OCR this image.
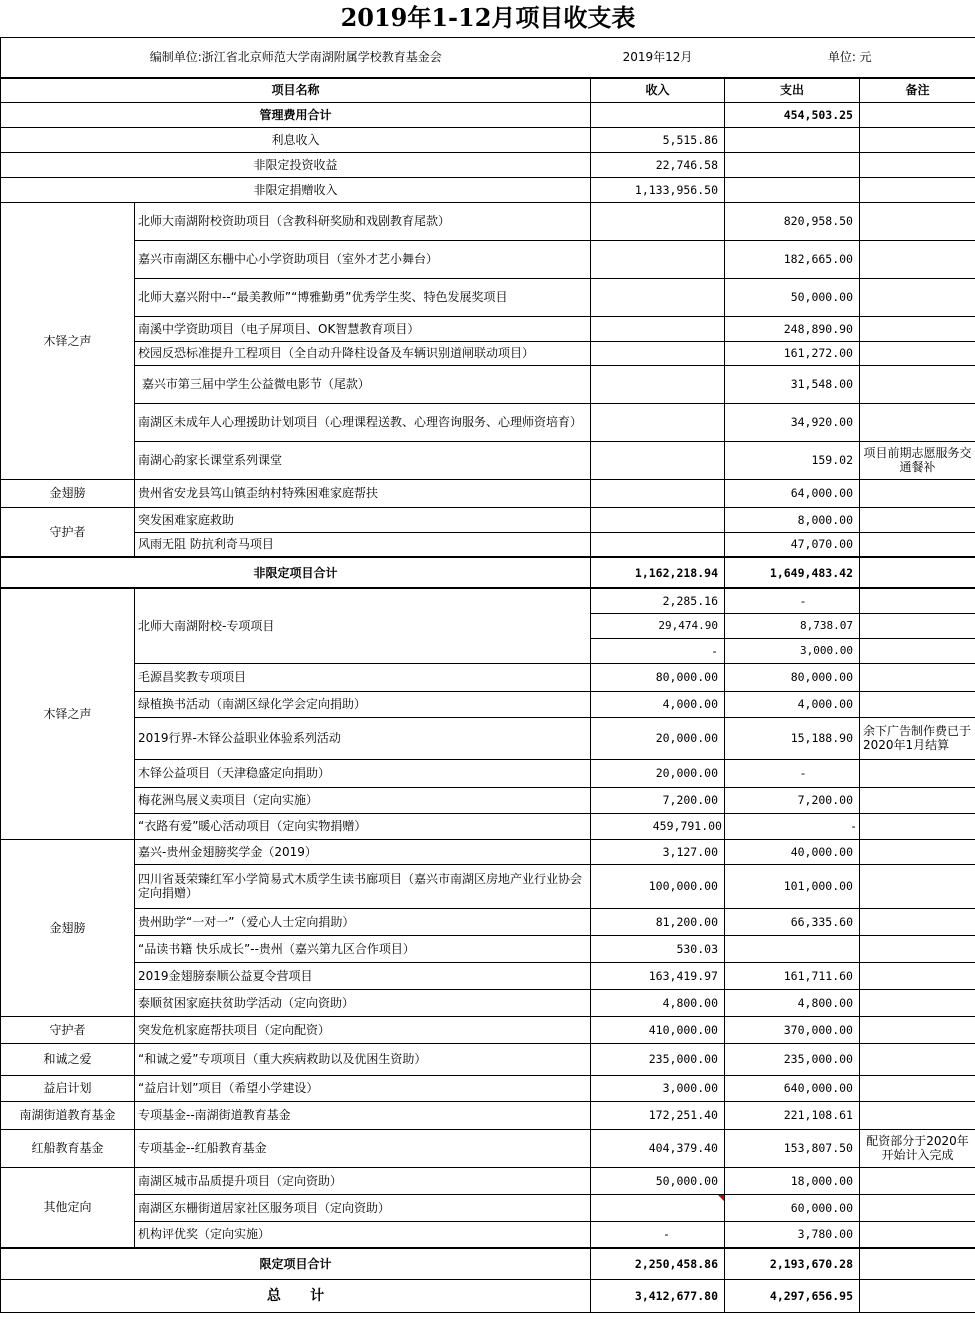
2019年1-12月项目收支表				
编制单位:浙江省北京师范大学南湖附属学校教育基金会		2019年12月	单位: 元	
项目名称		收入	支出	备注
管理费用合计			454,503.25	
利息收入		5,515.86		
非限定投资收益		22,746.58		
非限定捐赠收入		1,133,956.50		
木铎之声	北师大南湖附校资助项目（含教科研奖励和戏剧教育尾款）		820,958.50	
	嘉兴市南湖区东栅中心小学资助项目（室外才艺小舞台）		182,665.00	
	北师大嘉兴附中--“最美教师”“博雅勤勇”优秀学生奖、特色发展奖项目		50,000.00	
	南溪中学资助项目（电子屏项目、OK智慧教育项目）		248,890.90	
	校园反恐标准提升工程项目（全自动升降柱设备及车辆识别道闸联动项目）		161,272.00	
	嘉兴市第三届中学生公益微电影节（尾款）		31,548.00	
	南湖区未成年人心理援助计划项目（心理课程送教、心理咨询服务、心理师资培育）		34,920.00	
	南湖心韵家长课堂系列课堂		159.02	项目前期志愿服务交通餐补
金翅膀	贵州省安龙县笃山镇歪纳村特殊困难家庭帮扶		64,000.00	
守护者	突发困难家庭救助		8,000.00	
	风雨无阻 防抗利奇马项目		47,070.00	
非限定项目合计		1,162,218.94	1,649,483.42	
木铎之声	北师大南湖附校-专项项目	2,285.16	-	
		29,474.90	8,738.07	
		-	3,000.00	
	毛源昌奖教专项项目	80,000.00	80,000.00	
	绿植换书活动（南湖区绿化学会定向捐助）	4,000.00	4,000.00	
	2019行界-木铎公益职业体验系列活动	20,000.00	15,188.90	余下广告制作费已于2020年1月结算
	木铎公益项目（天津稳盛定向捐助）	20,000.00	-	
	梅花洲鸟展义卖项目（定向实施）	7,200.00	7,200.00	
	“衣路有爱”暖心活动项目（定向实物捐赠）	459,791.00	-	
金翅膀	嘉兴-贵州金翅膀奖学金（2019）	3,127.00	40,000.00	
	四川省聂荣臻红军小学简易式木质学生读书廊项目（嘉兴市南湖区房地产业行业协会定向捐赠）	100,000.00	101,000.00	
	贵州助学“一对一”（爱心人士定向捐助）	81,200.00	66,335.60	
	“品读书籍 快乐成长”--贵州（嘉兴第九区合作项目）	530.03		
	2019金翅膀泰顺公益夏令营项目	163,419.97	161,711.60	
	泰顺贫困家庭扶贫助学活动（定向资助）	4,800.00	4,800.00	
守护者	突发危机家庭帮扶项目（定向配资）	410,000.00	370,000.00	
和诚之爱	“和诚之爱”专项项目（重大疾病救助以及优困生资助）	235,000.00	235,000.00	
益启计划	“益启计划”项目（希望小学建设）	3,000.00	640,000.00	
南湖街道教育基金	专项基金--南湖街道教育基金	172,251.40	221,108.61	
红船教育基金	专项基金--红船教育基金	404,379.40	153,807.50	配资部分于2020年开始计入完成
其他定向	南湖区城市品质提升项目（定向资助）	50,000.00	18,000.00	
	南湖区东栅街道居家社区服务项目（定向资助）		60,000.00	
	机构评优奖（定向实施）	-	3,780.00	
限定项目合计		2,250,458.86	2,193,670.28	
总      计		3,412,677.80	4,297,656.95	
